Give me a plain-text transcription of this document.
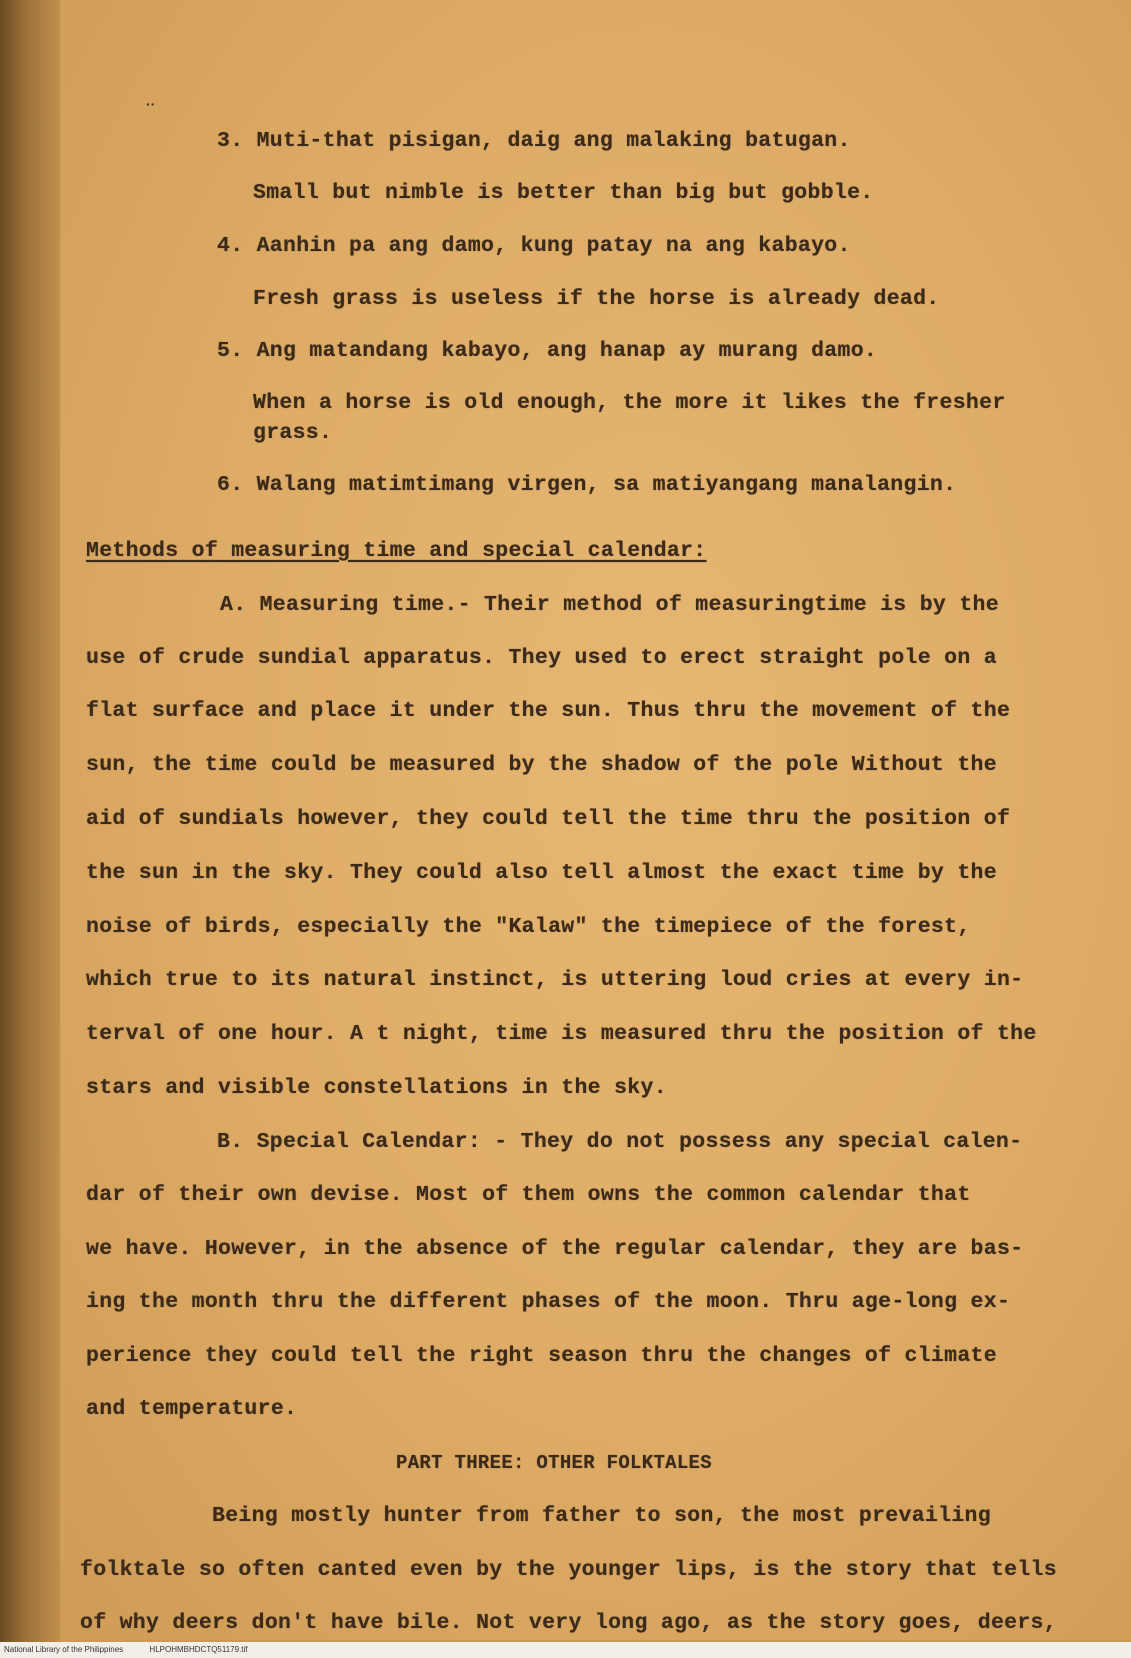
··
3. Muti-that pisigan, daig ang malaking batugan.
Small but nimble is better than big but gobble.
4. Aanhin pa ang damo, kung patay na ang kabayo.
Fresh grass is useless if the horse is already dead.
5. Ang matandang kabayo, ang hanap ay murang damo.
When a horse is old enough, the more it likes the fresher
grass.
6. Walang matimtimang virgen, sa matiyangang manalangin.
Methods of measuring time and special calendar:
A. Measuring time.- Their method of measuringtime is by the
use of crude sundial apparatus. They used to erect straight pole on a
flat surface and place it under the sun. Thus thru the movement of the
sun, the time could be measured by the shadow of the pole Without the
aid of sundials however, they could tell the time thru the position of
the sun in the sky. They could also tell almost the exact time by the
noise of birds, especially the "Kalaw" the timepiece of the forest,
which true to its natural instinct, is uttering loud cries at every in-
terval of one hour. A t night, time is measured thru the position of the
stars and visible constellations in the sky.
B. Special Calendar: - They do not possess any special calen-
dar of their own devise. Most of them owns the common calendar that
we have. However, in the absence of the regular calendar, they are bas-
ing the month thru the different phases of the moon. Thru age-long ex-
perience they could tell the right season thru the changes of climate
and temperature.
PART THREE: OTHER FOLKTALES
Being mostly hunter from father to son, the most prevailing
folktale so often canted even by the younger lips, is the story that tells
of why deers don't have bile. Not very long ago, as the story goes, deers,
National Library of the Philippines	HLPOHMBHDCTQ51179.tif
